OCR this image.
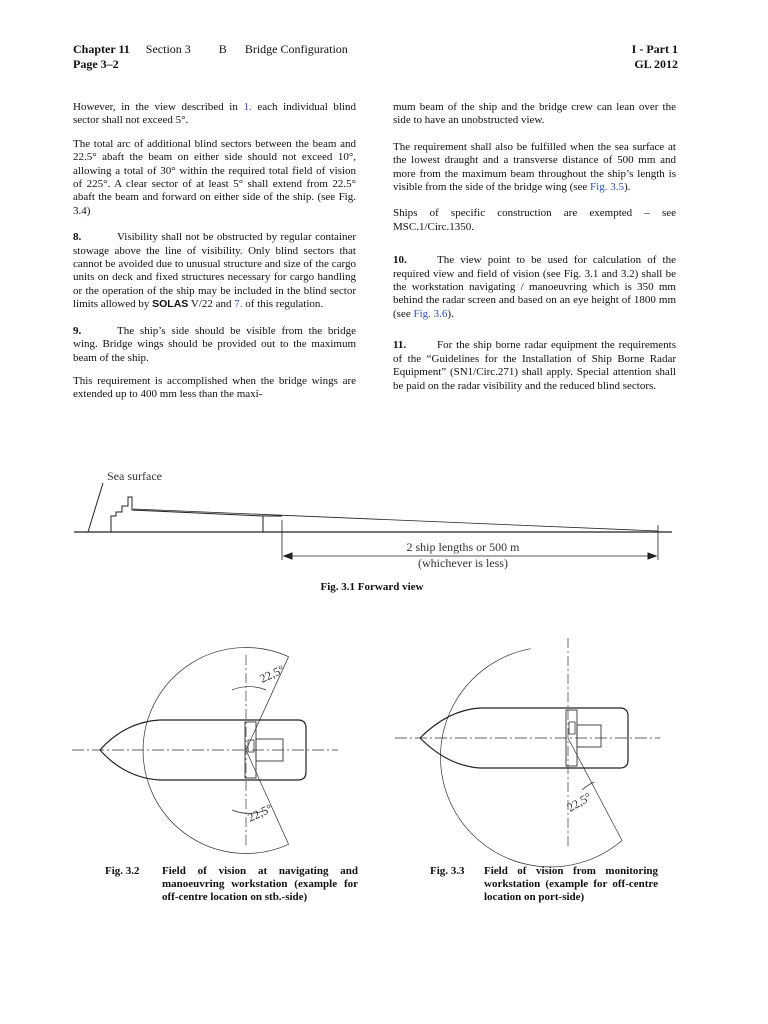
Chapter 11 Section 3 B Bridge Configuration
Page 3–2
I - Part 1
GL 2012

However, in the view described in 1. each individual blind sector shall not exceed 5°.

The total arc of additional blind sectors between the beam and 22.5° abaft the beam on either side should not exceed 10°, allowing a total of 30° within the required total field of vision of 225°. A clear sector of at least 5° shall extend from 22.5° abaft the beam and forward on either side of the ship. (see Fig. 3.4)

8.	Visibility shall not be obstructed by regular container stowage above the line of visibility. Only blind sectors that cannot be avoided due to unusual structure and size of the cargo units on deck and fixed structures necessary for cargo handling or the operation of the ship may be included in the blind sector limits allowed by SOLAS V/22 and 7. of this regulation.

9.	The ship’s side should be visible from the bridge wing. Bridge wings should be provided out to the maximum beam of the ship.

This requirement is accomplished when the bridge wings are extended up to 400 mm less than the maxi-

mum beam of the ship and the bridge crew can lean over the side to have an unobstructed view.

The requirement shall also be fulfilled when the sea surface at the lowest draught and a transverse distance of 500 mm and more from the maximum beam throughout the ship’s length is visible from the side of the bridge wing (see Fig. 3.5).

Ships of specific construction are exempted – see MSC.1/Circ.1350.

10.	The view point to be used for calculation of the required view and field of vision (see Fig. 3.1 and 3.2) shall be the workstation navigating / manoeuvring which is 350 mm behind the radar screen and based on an eye height of 1800 mm (see Fig. 3.6).

11.	For the ship borne radar equipment the requirements of the “Guidelines for the Installation of Ship Borne Radar Equipment” (SN1/Circ.271) shall apply. Special attention shall be paid on the radar visibility and the reduced blind sectors.

Sea surface
2 ship lengths or 500 m
(whichever is less)
Fig. 3.1 Forward view
22,5°
22,5°	22,5°
Fig. 3.2 Field of vision at navigating and manoeuvring workstation (example for off-centre location on stb.-side)
Fig. 3.3 Field of vision from monitoring workstation (example for off-centre location on port-side)
